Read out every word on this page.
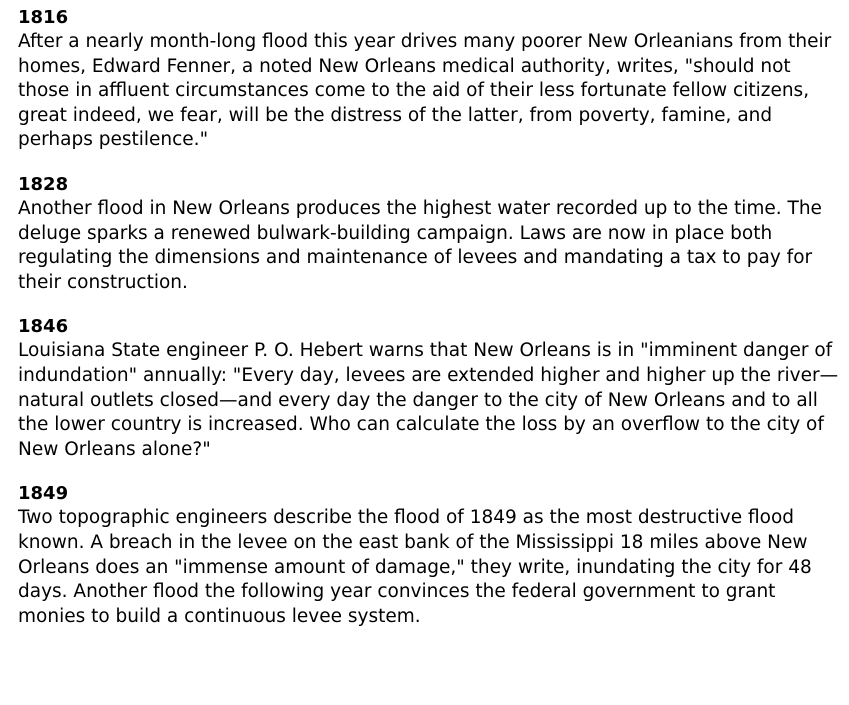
1816
After a nearly month-long flood this year drives many poorer New Orleanians from their homes, Edward Fenner, a noted New Orleans medical authority, writes, "should not those in affluent circumstances come to the aid of their less fortunate fellow citizens, great indeed, we fear, will be the distress of the latter, from poverty, famine, and perhaps pestilence."
1828
Another flood in New Orleans produces the highest water recorded up to the time. The deluge sparks a renewed bulwark-building campaign. Laws are now in place both regulating the dimensions and maintenance of levees and mandating a tax to pay for their construction.
1846
Louisiana State engineer P. O. Hebert warns that New Orleans is in "imminent danger of indundation" annually: "Every day, levees are extended higher and higher up the river—natural outlets closed—and every day the danger to the city of New Orleans and to all the lower country is increased. Who can calculate the loss by an overflow to the city of New Orleans alone?"
1849
Two topographic engineers describe the flood of 1849 as the most destructive flood known. A breach in the levee on the east bank of the Mississippi 18 miles above New Orleans does an "immense amount of damage," they write, inundating the city for 48 days. Another flood the following year convinces the federal government to grant monies to build a continuous levee system.
